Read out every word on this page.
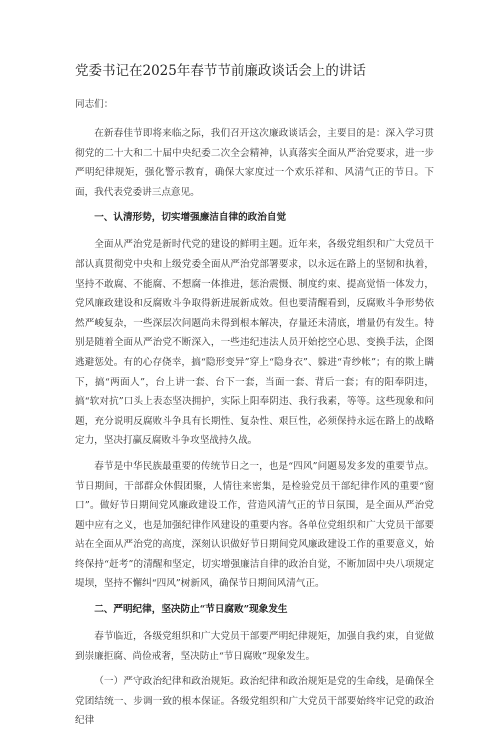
党委书记在2025年春节节前廉政谈话会上的讲话

同志们：

在新春佳节即将来临之际，我们召开这次廉政谈话会，主要目的是：深入学习贯彻党的二十大和二十届中央纪委二次全会精神，认真落实全面从严治党要求，进一步严明纪律规矩，强化警示教育，确保大家度过一个欢乐祥和、风清气正的节日。下面，我代表党委讲三点意见。

一、认清形势，切实增强廉洁自律的政治自觉

全面从严治党是新时代党的建设的鲜明主题。近年来，各级党组织和广大党员干部认真贯彻党中央和上级党委全面从严治党部署要求，以永远在路上的坚韧和执着，坚持不敢腐、不能腐、不想腐一体推进，惩治震慑、制度约束、提高觉悟一体发力，党风廉政建设和反腐败斗争取得新进展新成效。但也要清醒看到，反腐败斗争形势依然严峻复杂，一些深层次问题尚未得到根本解决，存量还未清底，增量仍有发生。特别是随着全面从严治党不断深入，一些违纪违法人员开始挖空心思、变换手法，企图逃避惩处。有的心存侥幸，搞“隐形变异”穿上“隐身衣”、躲进“青纱帐”；有的欺上瞒下，搞“两面人”，台上讲一套、台下一套，当面一套、背后一套；有的阳奉阴违，搞“软对抗”口头上表态坚决拥护，实际上阳奉阴违、我行我素，等等。这些现象和问题，充分说明反腐败斗争具有长期性、复杂性、艰巨性，必须保持永远在路上的战略定力，坚决打赢反腐败斗争攻坚战持久战。

春节是中华民族最重要的传统节日之一，也是“四风”问题易发多发的重要节点。节日期间，干部群众休假团聚，人情往来密集，是检验党员干部纪律作风的重要“窗口”。做好节日期间党风廉政建设工作，营造风清气正的节日氛围，是全面从严治党题中应有之义，也是加强纪律作风建设的重要内容。各单位党组织和广大党员干部要站在全面从严治党的高度，深刻认识做好节日期间党风廉政建设工作的重要意义，始终保持“赶考”的清醒和坚定，切实增强廉洁自律的政治自觉，不断加固中央八项规定堤坝，坚持不懈纠“四风”树新风，确保节日期间风清气正。

二、严明纪律，坚决防止“节日腐败”现象发生

春节临近，各级党组织和广大党员干部要严明纪律规矩，加强自我约束，自觉做到崇廉拒腐、尚俭戒奢，坚决防止“节日腐败”现象发生。

（一）严守政治纪律和政治规矩。政治纪律和政治规矩是党的生命线，是确保全党团结统一、步调一致的根本保证。各级党组织和广大党员干部要始终牢记党的政治纪律
